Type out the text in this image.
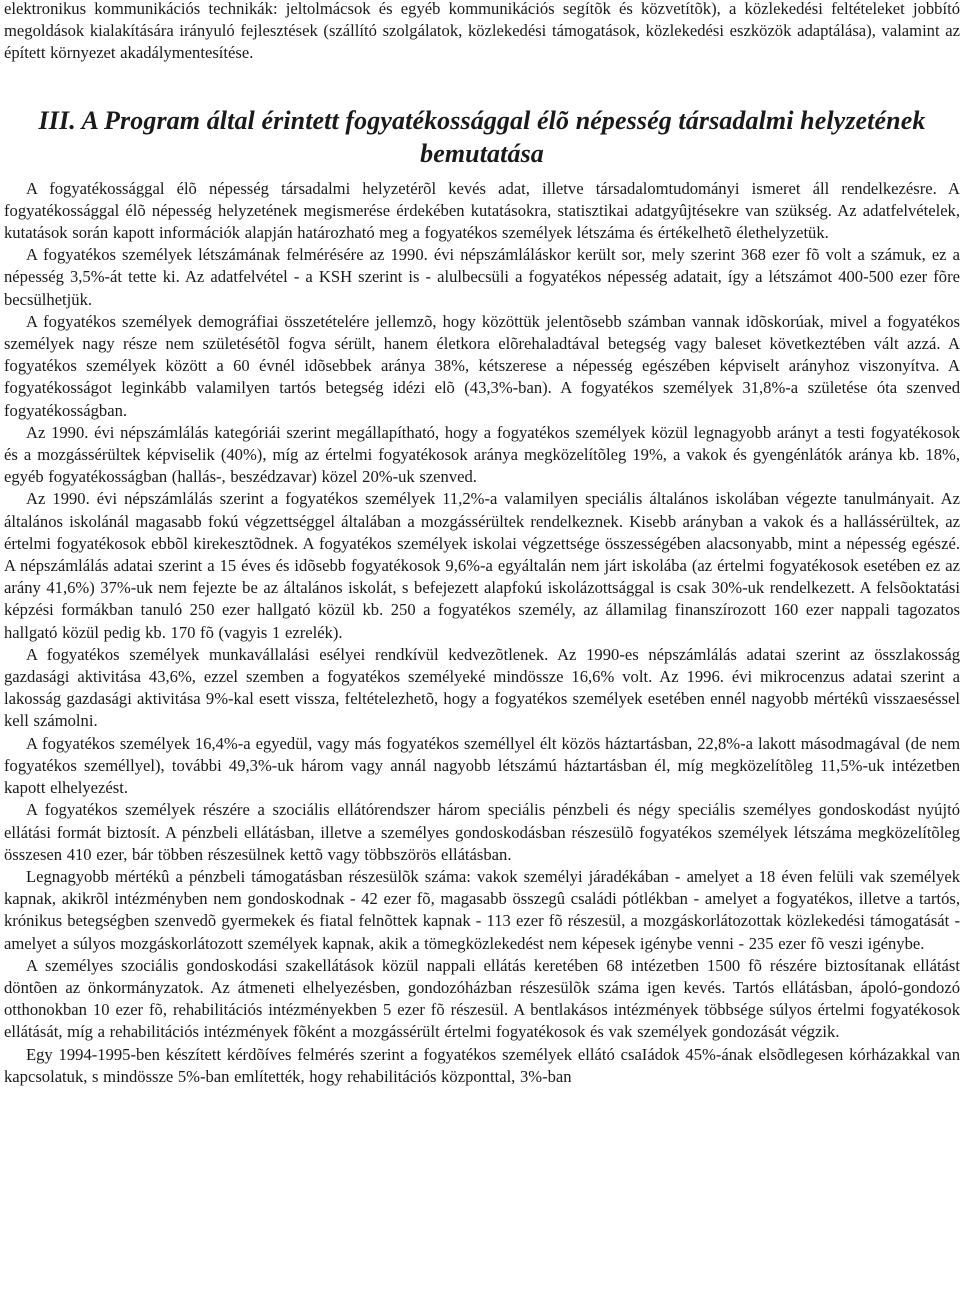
elektronikus kommunikációs technikák: jeltolmácsok és egyéb kommunikációs segítõk és közvetítõk), a közlekedési feltételeket jobbító megoldások kialakítására irányuló fejlesztések (szállító szolgálatok, közlekedési támogatások, közlekedési eszközök adaptálása), valamint az épített környezet akadálymentesítése.

III. A Program által érintett fogyatékossággal élõ népesség társadalmi helyzetének bemutatása

A fogyatékossággal élõ népesség társadalmi helyzetérõl kevés adat, illetve társadalomtudományi ismeret áll rendelkezésre. A fogyatékossággal élõ népesség helyzetének megismerése érdekében kutatásokra, statisztikai adatgyûjtésekre van szükség. Az adatfelvételek, kutatások során kapott információk alapján határozható meg a fogyatékos személyek létszáma és értékelhetõ élethelyzetük.

A fogyatékos személyek létszámának felmérésére az 1990. évi népszámláláskor került sor, mely szerint 368 ezer fõ volt a számuk, ez a népesség 3,5%-át tette ki. Az adatfelvétel - a KSH szerint is - alulbecsüli a fogyatékos népesség adatait, így a létszámot 400-500 ezer fõre becsülhetjük.

A fogyatékos személyek demográfiai összetételére jellemzõ, hogy közöttük jelentõsebb számban vannak idõskorúak, mivel a fogyatékos személyek nagy része nem születésétõl fogva sérült, hanem életkora elõrehaladtával betegség vagy baleset következtében vált azzá. A fogyatékos személyek között a 60 évnél idõsebbek aránya 38%, kétszerese a népesség egészében képviselt arányhoz viszonyítva. A fogyatékosságot leginkább valamilyen tartós betegség idézi elõ (43,3%-ban). A fogyatékos személyek 31,8%-a születése óta szenved fogyatékosságban.

Az 1990. évi népszámlálás kategóriái szerint megállapítható, hogy a fogyatékos személyek közül legnagyobb arányt a testi fogyatékosok és a mozgássérültek képviselik (40%), míg az értelmi fogyatékosok aránya megközelítõleg 19%, a vakok és gyengénlátók aránya kb. 18%, egyéb fogyatékosságban (hallás-, beszédzavar) közel 20%-uk szenved.

Az 1990. évi népszámlálás szerint a fogyatékos személyek 11,2%-a valamilyen speciális általános iskolában végezte tanulmányait. Az általános iskolánál magasabb fokú végzettséggel általában a mozgássérültek rendelkeznek. Kisebb arányban a vakok és a hallássérültek, az értelmi fogyatékosok ebbõl kirekesztõdnek. A fogyatékos személyek iskolai végzettsége összességében alacsonyabb, mint a népesség egészé. A népszámlálás adatai szerint a 15 éves és idõsebb fogyatékosok 9,6%-a egyáltalán nem járt iskolába (az értelmi fogyatékosok esetében ez az arány 41,6%) 37%-uk nem fejezte be az általános iskolát, s befejezett alapfokú iskolázottsággal is csak 30%-uk rendelkezett. A felsõoktatási képzési formákban tanuló 250 ezer hallgató közül kb. 250 a fogyatékos személy, az államilag finanszírozott 160 ezer nappali tagozatos hallgató közül pedig kb. 170 fõ (vagyis 1 ezrelék).

A fogyatékos személyek munkavállalási esélyei rendkívül kedvezõtlenek. Az 1990-es népszámlálás adatai szerint az összlakosság gazdasági aktivitása 43,6%, ezzel szemben a fogyatékos személyeké mindössze 16,6% volt. Az 1996. évi mikrocenzus adatai szerint a lakosság gazdasági aktivitása 9%-kal esett vissza, feltételezhetõ, hogy a fogyatékos személyek esetében ennél nagyobb mértékû visszaeséssel kell számolni.

A fogyatékos személyek 16,4%-a egyedül, vagy más fogyatékos személlyel élt közös háztartásban, 22,8%-a lakott másodmagával (de nem fogyatékos személlyel), további 49,3%-uk három vagy annál nagyobb létszámú háztartásban él, míg megközelítõleg 11,5%-uk intézetben kapott elhelyezést.

A fogyatékos személyek részére a szociális ellátórendszer három speciális pénzbeli és négy speciális személyes gondoskodást nyújtó ellátási formát biztosít. A pénzbeli ellátásban, illetve a személyes gondoskodásban részesülõ fogyatékos személyek létszáma megközelítõleg összesen 410 ezer, bár többen részesülnek kettõ vagy többszörös ellátásban.

Legnagyobb mértékû a pénzbeli támogatásban részesülõk száma: vakok személyi járadékában - amelyet a 18 éven felüli vak személyek kapnak, akikrõl intézményben nem gondoskodnak - 42 ezer fõ, magasabb összegû családi pótlékban - amelyet a fogyatékos, illetve a tartós, krónikus betegségben szenvedõ gyermekek és fiatal felnõttek kapnak - 113 ezer fõ részesül, a mozgáskorlátozottak közlekedési támogatását - amelyet a súlyos mozgáskorlátozott személyek kapnak, akik a tömegközlekedést nem képesek igénybe venni - 235 ezer fõ veszi igénybe.

A személyes szociális gondoskodási szakellátások közül nappali ellátás keretében 68 intézetben 1500 fõ részére biztosítanak ellátást döntõen az önkormányzatok. Az átmeneti elhelyezésben, gondozóházban részesülõk száma igen kevés. Tartós ellátásban, ápoló-gondozó otthonokban 10 ezer fõ, rehabilitációs intézményekben 5 ezer fõ részesül. A bentlakásos intézmények többsége súlyos értelmi fogyatékosok ellátását, míg a rehabilitációs intézmények fõként a mozgássérült értelmi fogyatékosok és vak személyek gondozását végzik.

Egy 1994-1995-ben készített kérdõíves felmérés szerint a fogyatékos személyek ellátó csaIádok 45%-ának elsõdlegesen kórházakkal van kapcsolatuk, s mindössze 5%-ban említették, hogy rehabilitációs központtal, 3%-ban
